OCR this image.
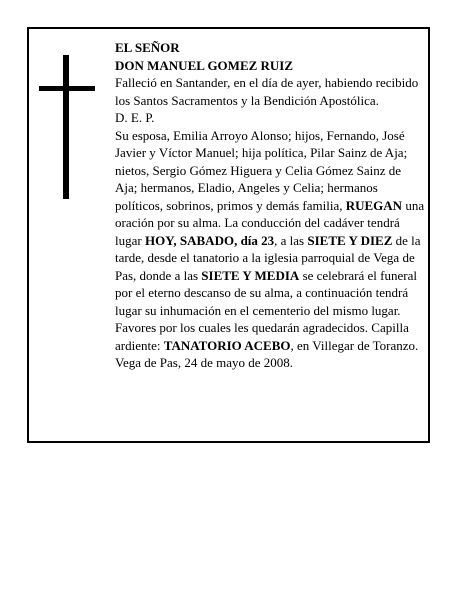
EL SEÑOR

DON MANUEL GOMEZ RUIZ

Falleció en Santander, en el día de ayer, habiendo recibido los Santos Sacramentos y la Bendición Apostólica.

D. E. P.

Su esposa, Emilia Arroyo Alonso; hijos, Fernando, José Javier y Víctor Manuel; hija política, Pilar Sainz de Aja; nietos, Sergio Gómez Higuera y Celia Gómez Sainz de Aja; hermanos, Eladio, Angeles y Celia; hermanos políticos, sobrinos, primos y demás familia, RUEGAN una oración por su alma. La conducción del cadáver tendrá lugar HOY, SABADO, día 23, a las SIETE Y DIEZ de la tarde, desde el tanatorio a la iglesia parroquial de Vega de Pas, donde a las SIETE Y MEDIA se celebrará el funeral por el eterno descanso de su alma, a continuación tendrá lugar su inhumación en el cementerio del mismo lugar. Favores por los cuales les quedarán agradecidos. Capilla ardiente: TANATORIO ACEBO, en Villegar de Toranzo.

Vega de Pas, 24 de mayo de 2008.
